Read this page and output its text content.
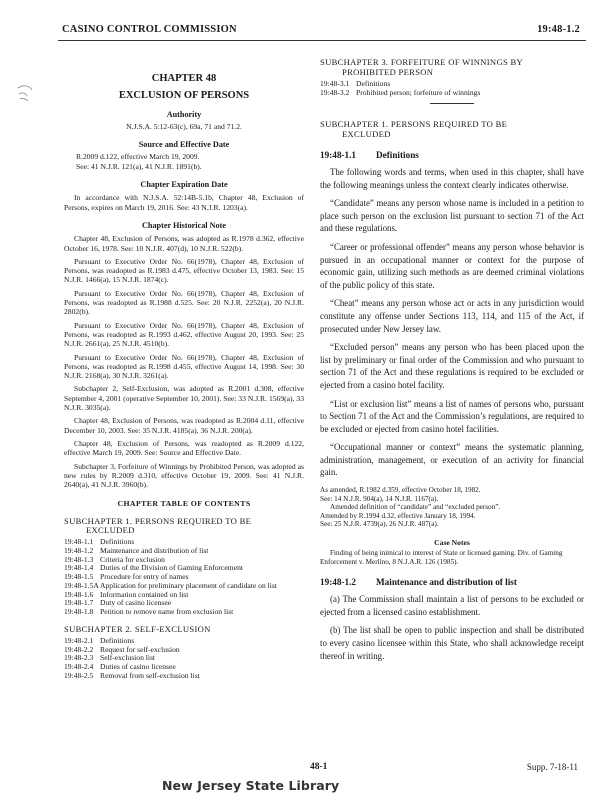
CASINO CONTROL COMMISSION	19:48-1.2
CHAPTER 48
EXCLUSION OF PERSONS
Authority
N.J.S.A. 5:12-63(c), 69a, 71 and 71.2.
Source and Effective Date
R.2009 d.122, effective March 19, 2009.
See: 41 N.J.R. 121(a), 41 N.J.R. 1891(b).
Chapter Expiration Date

In accordance with N.J.S.A. 52:14B-5.1b, Chapter 48, Exclusion of Persons, expires on March 19, 2016. See: 43 N.J.R. 1203(a).

Chapter Historical Note

Chapter 48, Exclusion of Persons, was adopted as R.1978 d.362, effective October 16, 1978. See: 10 N.J.R. 407(d), 10 N.J.R. 522(b).

Pursuant to Executive Order No. 66(1978), Chapter 48, Exclusion of Persons, was readopted as R.1983 d.475, effective October 13, 1983. See: 15 N.J.R. 1466(a), 15 N.J.R. 1874(c).

Pursuant to Executive Order No. 66(1978), Chapter 48, Exclusion of Persons, was readopted as R.1988 d.525. See: 20 N.J.R. 2252(a), 20 N.J.R. 2802(b).

Pursuant to Executive Order No. 66(1978), Chapter 48, Exclusion of Persons, was readopted as R.1993 d.462, effective August 20, 1993. See: 25 N.J.R. 2661(a), 25 N.J.R. 4510(b).

Pursuant to Executive Order No. 66(1978), Chapter 48, Exclusion of Persons, was readopted as R.1998 d.455, effective August 14, 1998. See: 30 N.J.R. 2168(a), 30 N.J.R. 3261(a).

Subchapter 2, Self-Exclusion, was adopted as R.2001 d.308, effective September 4, 2001 (operative September 10, 2001). See: 33 N.J.R. 1569(a), 33 N.J.R. 3035(a).

Chapter 48, Exclusion of Persons, was readopted as R.2004 d.11, effective December 10, 2003. See: 35 N.J.R. 4185(a), 36 N.J.R. 200(a).

Chapter 48, Exclusion of Persons, was readopted as R.2009 d.122, effective March 19, 2009. See: Source and Effective Date.

Subchapter 3, Forfeiture of Winnings by Prohibited Person, was adopted as new rules by R.2009 d.310, effective October 19, 2009. See: 41 N.J.R. 2640(a), 41 N.J.R. 3960(b).

CHAPTER TABLE OF CONTENTS
SUBCHAPTER 1. PERSONS REQUIRED TO BE
EXCLUDED
19:48-1.1	Definitions
19:48-1.2	Maintenance and distribution of list
19:48-1.3	Criteria for exclusion
19:48-1.4	Duties of the Division of Gaming Enforcement
19:48-1.5	Procedure for entry of names
19:48-1.5A	Application for preliminary placement of candidate on list
19:48-1.6	Information contained on list
19:48-1.7	Duty of casino licensee
19:48-1.8	Petition to remove name from exclusion list
SUBCHAPTER 2. SELF-EXCLUSION
19:48-2.1	Definitions
19:48-2.2	Request for self-exclusion
19:48-2.3	Self-exclusion list
19:48-2.4	Duties of casino licensee
19:48-2.5	Removal from self-exclusion list
SUBCHAPTER 3. FORFEITURE OF WINNINGS BY
PROHIBITED PERSON
19:48-3.1	Definitions
19:48-3.2	Prohibited person; forfeiture of winnings
SUBCHAPTER 1. PERSONS REQUIRED TO BE
EXCLUDED
19:48-1.1 Definitions

The following words and terms, when used in this chapter, shall have the following meanings unless the context clearly indicates otherwise.

“Candidate” means any person whose name is included in a petition to place such person on the exclusion list pursuant to section 71 of the Act and these regulations.

“Career or professional offender” means any person whose behavior is pursued in an occupational manner or context for the purpose of economic gain, utilizing such methods as are deemed criminal violations of the public policy of this state.

“Cheat” means any person whose act or acts in any jurisdiction would constitute any offense under Sections 113, 114, and 115 of the Act, if prosecuted under New Jersey law.

“Excluded person” means any person who has been placed upon the list by preliminary or final order of the Commission and who pursuant to section 71 of the Act and these regulations is required to be excluded or ejected from a casino hotel facility.

“List or exclusion list” means a list of names of persons who, pursuant to Section 71 of the Act and the Commission’s regulations, are required to be excluded or ejected from casino hotel facilities.

“Occupational manner or context” means the systematic planning, administration, management, or execution of an activity for financial gain.

As amended, R.1982 d.359, effective October 18, 1982.
See: 14 N.J.R. 904(a), 14 N.J.R. 1167(a).
Amended definition of “candidate” and “excluded person”.
Amended by R.1994 d.32, effective January 18, 1994.
See: 25 N.J.R. 4739(a), 26 N.J.R. 487(a).
Case Notes

Finding of being inimical to interest of State or licensed gaming. Div. of Gaming Enforcement v. Merlino, 8 N.J.A.R. 126 (1985).

19:48-1.2 Maintenance and distribution of list

(a) The Commission shall maintain a list of persons to be excluded or ejected from a licensed casino establishment.

(b) The list shall be open to public inspection and shall be distributed to every casino licensee within this State, who shall acknowledge receipt thereof in writing.

48-1	Supp. 7-18-11
New Jersey State Library
